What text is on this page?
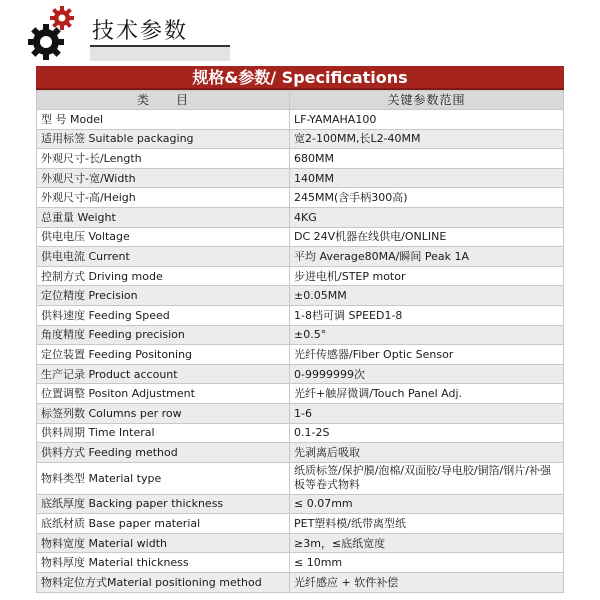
技术参数
规格&参数/ Specifications
类　　目	关键参数范围
型 号 Model	LF-YAMAHA100
适用标签 Suitable packaging	宽2-100MM,长L2-40MM
外观尺寸-长/Length	680MM
外观尺寸-宽/Width	140MM
外观尺寸-高/Heigh	245MM(含手柄300高)
总重量 Weight	4KG
供电电压 Voltage	DC 24V机器在线供电/ONLINE
供电电流 Current	平均 Average80MA/瞬间 Peak 1A
控制方式 Driving mode	步进电机/STEP motor
定位精度 Precision	±0.05MM
供料速度 Feeding Speed	1-8档可调 SPEED1-8
角度精度 Feeding precision	±0.5°
定位装置 Feeding Positoning	光纤传感器/Fiber Optic Sensor
生产记录 Product account	0-9999999次
位置调整 Positon Adjustment	光纤+触屏微调/Touch Panel Adj.
标签列数 Columns per row	1-6
供料周期 Time Interal	0.1-2S
供料方式 Feeding method	先剥离后吸取
物料类型 Material type	纸质标签/保护膜/泡棉/双面胶/导电胶/铜箔/钢片/补强板等卷式物料
底纸厚度 Backing paper thickness	≤ 0.07mm
底纸材质 Base paper material	PET塑料模/纸带离型纸
物料宽度 Material width	≥3m，≤底纸宽度
物料厚度 Material thickness	≤ 10mm
物料定位方式Material positioning method	光纤感应 + 软件补偿
